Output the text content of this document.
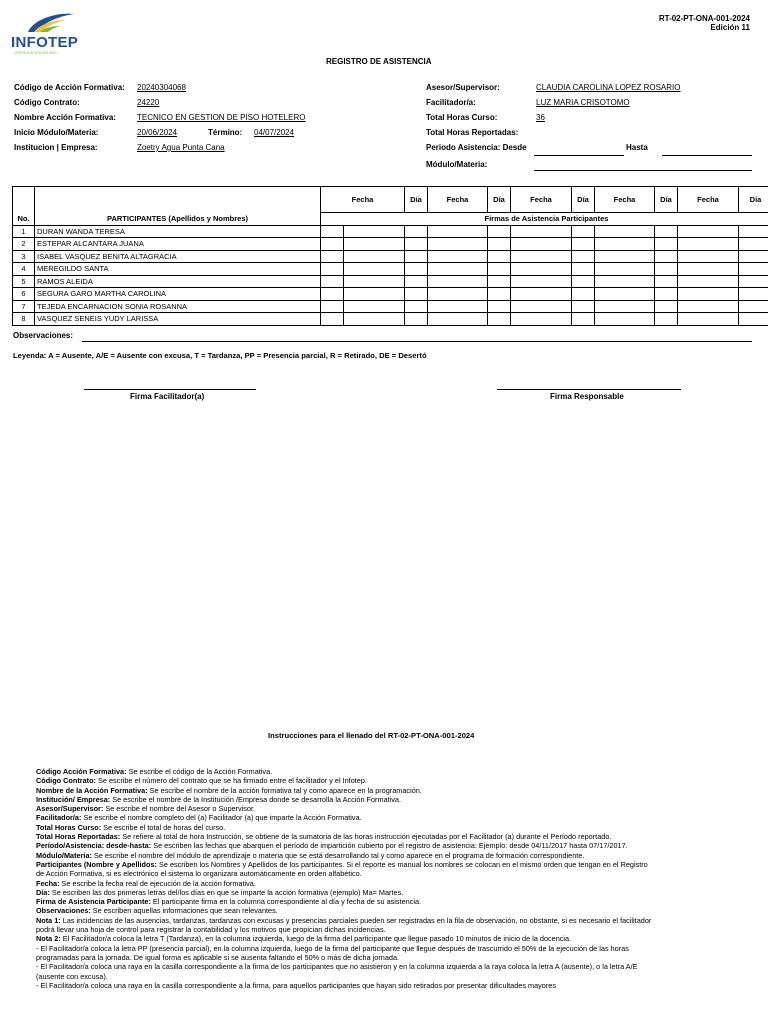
INFOTEP
CERTIFICACIÓN ISO 9001
RT-02-PT-ONA-001-2024
Edición 11
REGISTRO DE ASISTENCIA
Código de Acción Formativa: 20240304068
Código Contrato:	24220
Nombre Acción Formativa:	TECNICO EN GESTION DE PISO HOTELERO
Inicio Módulo/Materia:	20/06/2024	Término: 04/07/2024
Institucion | Empresa:	Zoetry Agua Punta Cana
Asesor/Supervisor:	CLAUDIA CAROLINA LOPEZ ROSARIO
Facilitador/a:	LUZ MARIA CRISOTOMO
Total Horas Curso:	36
Total Horas Reportadas:
Periodo Asistencia: Desde	Hasta
Módulo/Materia:
		Fecha		Día	Fecha	Día	Fecha	Día	Fecha	Día	Fecha	Día
No.	PARTICIPANTES (Apellidos y Nombres)	Firmas de Asistencia Participantes										
1	DURAN WANDA TERESA											
2	ESTEPAR ALCANTARA JUANA											
3	ISABEL VASQUEZ BENITA ALTAGRACIA											
4	MEREGILDO SANTA											
5	RAMOS ALEIDA											
6	SEGURA GARO MARTHA CAROLINA											
7	TEJEDA ENCARNACION SONIA ROSANNA											
8	VASQUEZ SENEIS YUDY LARISSA											
Observaciones:
Leyenda: A = Ausente, A/E = Ausente con excusa, T = Tardanza, PP = Presencia parcial, R = Retirado, DE = Desertó
Firma Facilitador(a)	Firma Responsable
Instrucciones para el llenado del RT-02-PT-ONA-001-2024

Código Acción Formativa: Se escribe el código de la Acción Formativa.

Código Contrato: Se escribe el número del contrato que se ha firmado entre el facilitador y el Infotep.

Nombre de la Acción Formativa: Se escribe el nombre de la acción formativa tal y como aparece en la programación.

Institución/ Empresa: Se escribe el nombre de la Institución /Empresa donde se desarrolla la Acción Formativa.

Asesor/Supervisor: Se escribe el nombre del Asesor o Supervisor.

Facilitador/a: Se escribe el nombre completo del (a) Facilitador (a) que imparte la Acción Formativa.

Total Horas Curso: Se escribe el total de horas del curso.

Total Horas Reportadas: Se refiere al total de hora Instrucción, se obtiene de la sumatoria de las horas instrucción ejecutadas por el Facilitador (a) durante el Período reportado.

Período/Asistencia: desde-hasta: Se escriben las fechas que abarquen el período de impartición cubierto por el registro de asistencia: Ejemplo: desde 04/11/2017 hasta 07/17/2017.

Módulo/Materia: Se escribe el nombre del módulo de aprendizaje o materia que se está desarrollando tal y como aparece en el programa de formación correspondiente.

Participantes (Nombre y Apellidos: Se escriben los Nombres y Apellidos de los participantes. Si el reporte es manual los nombres se colocan en el mismo orden que tengan en el Registro de Acción Formativa, si es electrónico el sistema lo organizara automáticamente en orden alfabético.

Fecha: Se escribe la fecha real de ejecución de la acción formativa.

Día: Se escriben las dos primeras letras del/los días en que se imparte la acción formativa (ejemplo) Ma= Martes.

Firma de Asistencia Participante: El participante firma en la columna correspondiente al día y fecha de su asistencia.

Observaciones: Se escriben aquellas informaciones que sean relevantes.

Nota 1: Las incidencias de las ausencias, tardanzas, tardanzas con excusas y presencias parciales pueden ser registradas en la fila de observación, no obstante, si es necesario el facilitador podrá llevar una hoja de control para registrar la contabilidad y los motivos que propician dichas incidencias.

Nota 2: El Facilitador/a coloca la letra T (Tardanza), en la columna izquierda, luego de la firma del participante que llegue pasado 10 minutos de inicio de la docencia.

- El Facilitador/a coloca la letra PP (presencia parcial), en la columna izquierda, luego de la firma del participante que llegue después de trascurrido el 50% de la ejecución de las horas programadas para la jornada. De igual forma es aplicable si se ausenta faltando el 50% o más de dicha jornada.

- El Facilitador/a coloca una raya en la casilla correspondiente a la firma de los participantes que no asistieron y en la columna izquierda a la raya coloca la letra A (ausente), o la letra A/E (ausente con excusa).

- El Facilitador/a coloca una raya en la casilla correspondiente a la firma, para aquellos participantes que hayan sido retirados por presentar dificultades mayores
